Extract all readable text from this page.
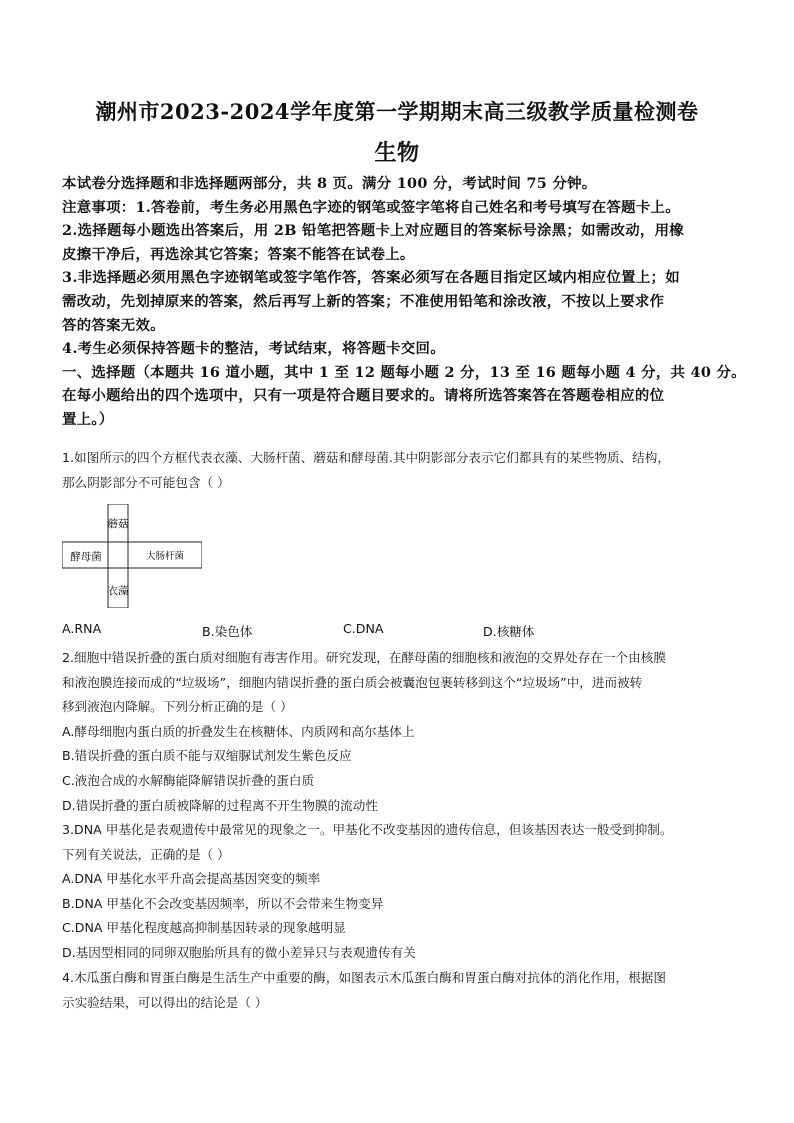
潮州市2023-2024学年度第一学期期末高三级教学质量检测卷
生物
本试卷分选择题和非选择题两部分，共 8 页。满分 100 分，考试时间 75 分钟。
注意事项：1.答卷前，考生务必用黑色字迹的钢笔或签字笔将自己姓名和考号填写在答题卡上。
2.选择题每小题选出答案后，用 2B 铅笔把答题卡上对应题目的答案标号涂黑；如需改动，用橡
皮擦干净后，再选涂其它答案；答案不能答在试卷上。
3.非选择题必须用黑色字迹钢笔或签字笔作答，答案必须写在各题目指定区域内相应位置上；如
需改动，先划掉原来的答案，然后再写上新的答案；不准使用铅笔和涂改液，不按以上要求作
答的答案无效。
4.考生必须保持答题卡的整洁，考试结束，将答题卡交回。
一、选择题（本题共 16 道小题，其中 1 至 12 题每小题 2 分，13 至 16 题每小题 4 分，共 40 分。
在每小题给出的四个选项中，只有一项是符合题目要求的。请将所选答案答在答题卷相应的位
置上。）
1.如图所示的四个方框代表衣藻、大肠杆菌、蘑菇和酵母菌.其中阴影部分表示它们都具有的某些物质、结构，
那么阴影部分不可能包含（ ）
蘑菇
酵母菌	大肠杆菌
衣藻
A.RNA	B.染色体	C.DNA	D.核糖体
2.细胞中错误折叠的蛋白质对细胞有毒害作用。研究发现，在酵母菌的细胞核和液泡的交界处存在一个由核膜
和液泡膜连接而成的“垃圾场”，细胞内错误折叠的蛋白质会被囊泡包裹转移到这个“垃圾场”中，进而被转
移到液泡内降解。下列分析正确的是（ ）
A.酵母细胞内蛋白质的折叠发生在核糖体、内质网和高尔基体上
B.错误折叠的蛋白质不能与双缩脲试剂发生紫色反应
C.液泡合成的水解酶能降解错误折叠的蛋白质
D.错误折叠的蛋白质被降解的过程离不开生物膜的流动性
3.DNA 甲基化是表观遗传中最常见的现象之一。甲基化不改变基因的遗传信息，但该基因表达一般受到抑制。
下列有关说法，正确的是（ ）
A.DNA 甲基化水平升高会提高基因突变的频率
B.DNA 甲基化不会改变基因频率，所以不会带来生物变异
C.DNA 甲基化程度越高抑制基因转录的现象越明显
D.基因型相同的同卵双胞胎所具有的微小差异只与表观遗传有关
4.木瓜蛋白酶和胃蛋白酶是生活生产中重要的酶，如图表示木瓜蛋白酶和胃蛋白酶对抗体的消化作用，根据图
示实验结果，可以得出的结论是（ ）
